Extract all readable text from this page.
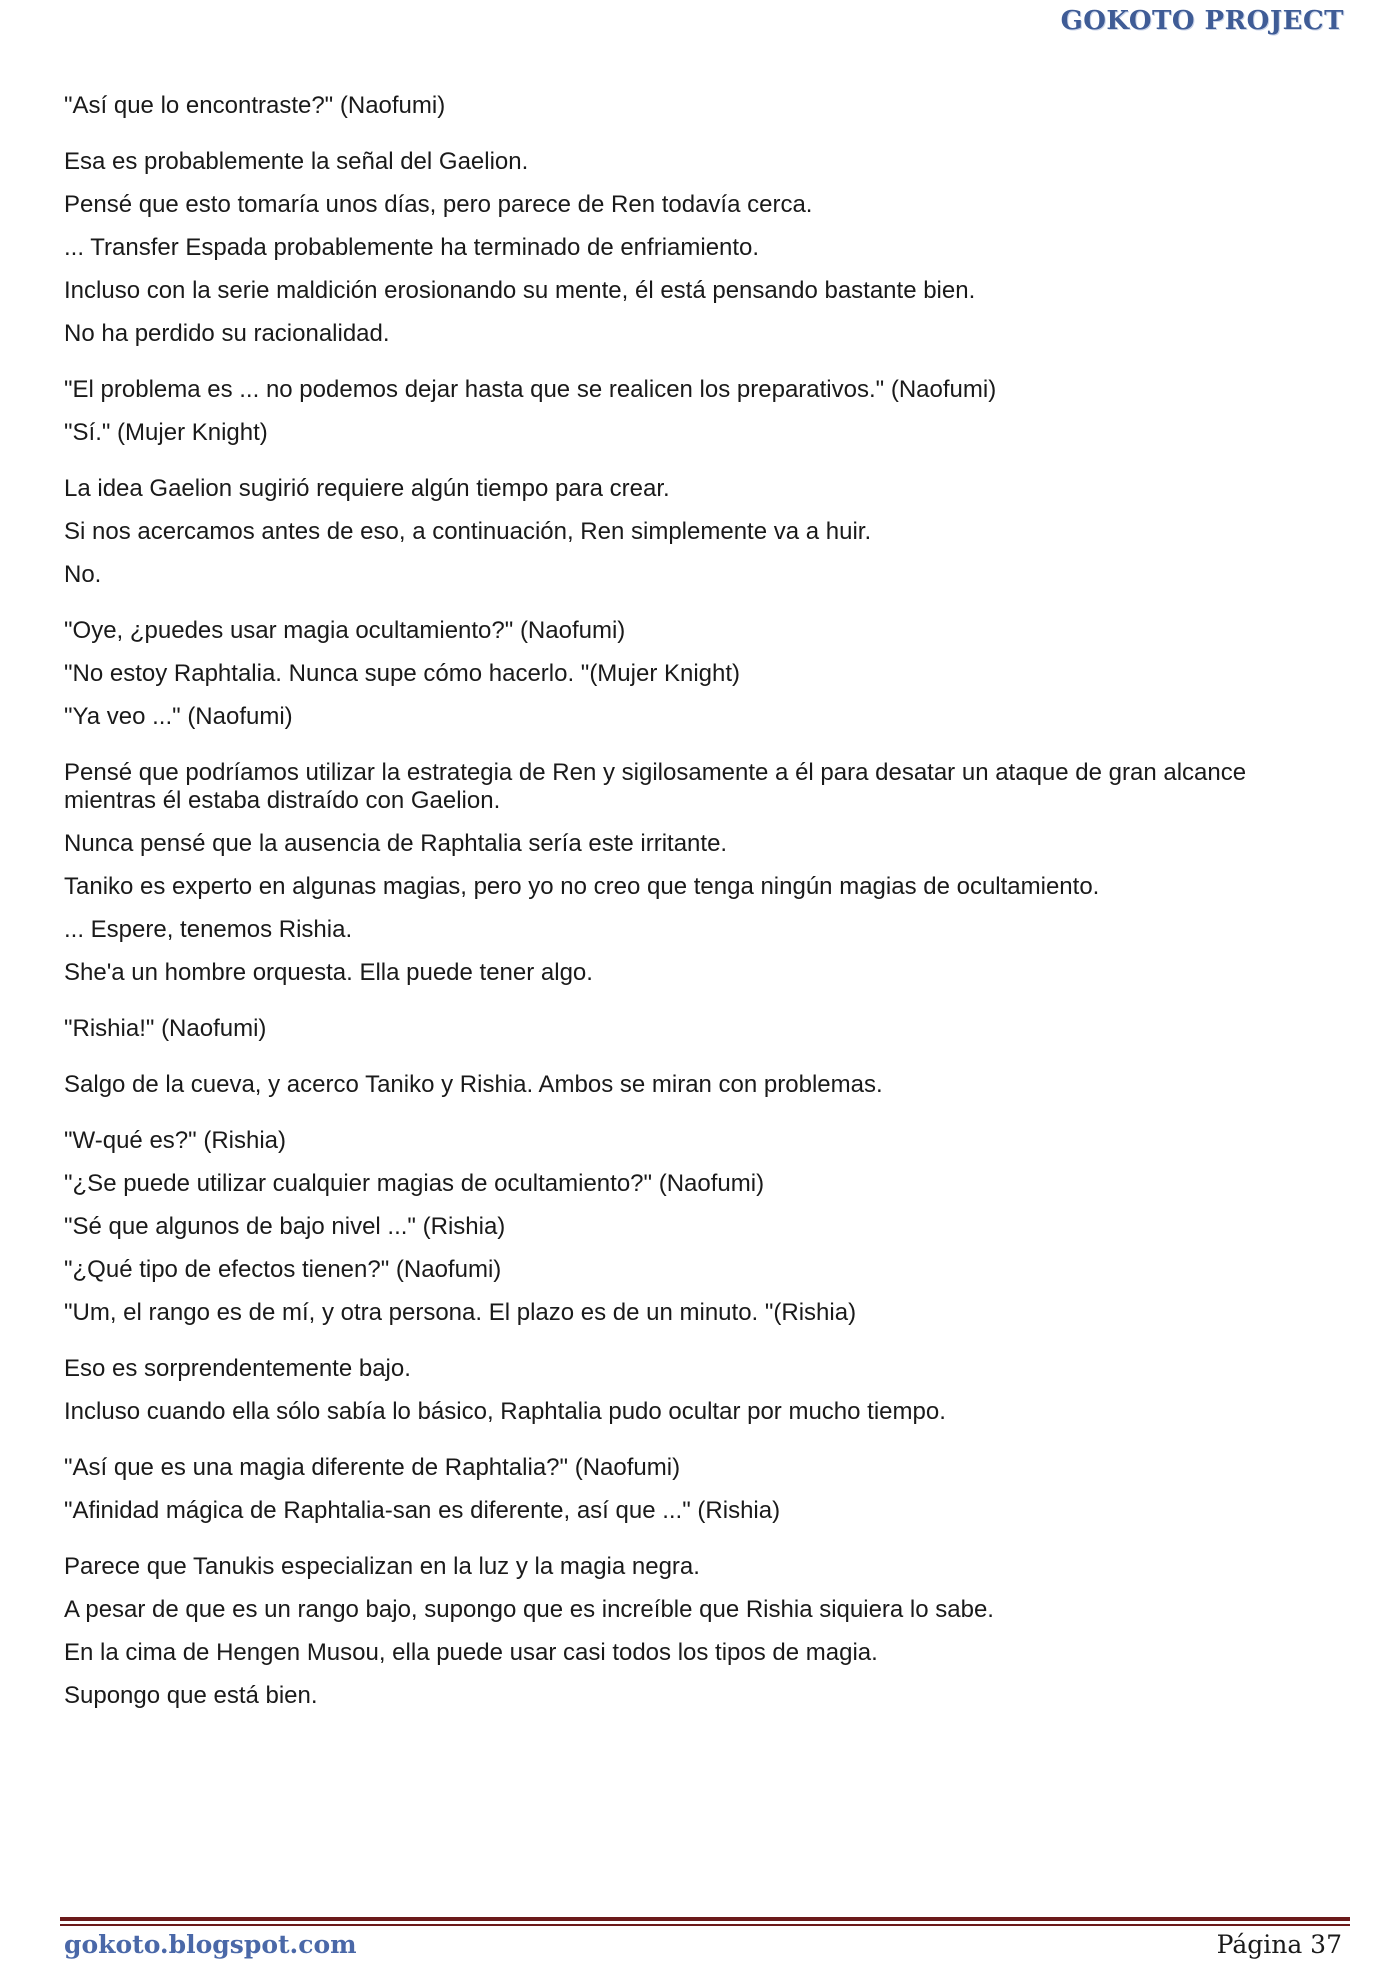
GOKOTO PROJECT
"Así que lo encontraste?" (Naofumi)
Esa es probablemente la señal del Gaelion.
Pensé que esto tomaría unos días, pero parece de Ren todavía cerca.
... Transfer Espada probablemente ha terminado de enfriamiento.
Incluso con la serie maldición erosionando su mente, él está pensando bastante bien.
No ha perdido su racionalidad.
"El problema es ... no podemos dejar hasta que se realicen los preparativos." (Naofumi)
"Sí." (Mujer Knight)
La idea Gaelion sugirió requiere algún tiempo para crear.
Si nos acercamos antes de eso, a continuación, Ren simplemente va a huir.
No.
"Oye, ¿puedes usar magia ocultamiento?" (Naofumi)
"No estoy Raphtalia. Nunca supe cómo hacerlo. "(Mujer Knight)
"Ya veo ..." (Naofumi)
Pensé que podríamos utilizar la estrategia de Ren y sigilosamente a él para desatar un ataque de gran alcance mientras él estaba distraído con Gaelion.
Nunca pensé que la ausencia de Raphtalia sería este irritante.
Taniko es experto en algunas magias, pero yo no creo que tenga ningún magias de ocultamiento.
... Espere, tenemos Rishia.
She'a un hombre orquesta. Ella puede tener algo.
"Rishia!" (Naofumi)
Salgo de la cueva, y acerco Taniko y Rishia. Ambos se miran con problemas.
"W-qué es?" (Rishia)
"¿Se puede utilizar cualquier magias de ocultamiento?" (Naofumi)
"Sé que algunos de bajo nivel ..." (Rishia)
"¿Qué tipo de efectos tienen?" (Naofumi)
"Um, el rango es de mí, y otra persona. El plazo es de un minuto. "(Rishia)
Eso es sorprendentemente bajo.
Incluso cuando ella sólo sabía lo básico, Raphtalia pudo ocultar por mucho tiempo.
"Así que es una magia diferente de Raphtalia?" (Naofumi)
"Afinidad mágica de Raphtalia-san es diferente, así que ..." (Rishia)
Parece que Tanukis especializan en la luz y la magia negra.
A pesar de que es un rango bajo, supongo que es increíble que Rishia siquiera lo sabe.
En la cima de Hengen Musou, ella puede usar casi todos los tipos de magia.
Supongo que está bien.
gokoto.blogspot.com	Página 37
